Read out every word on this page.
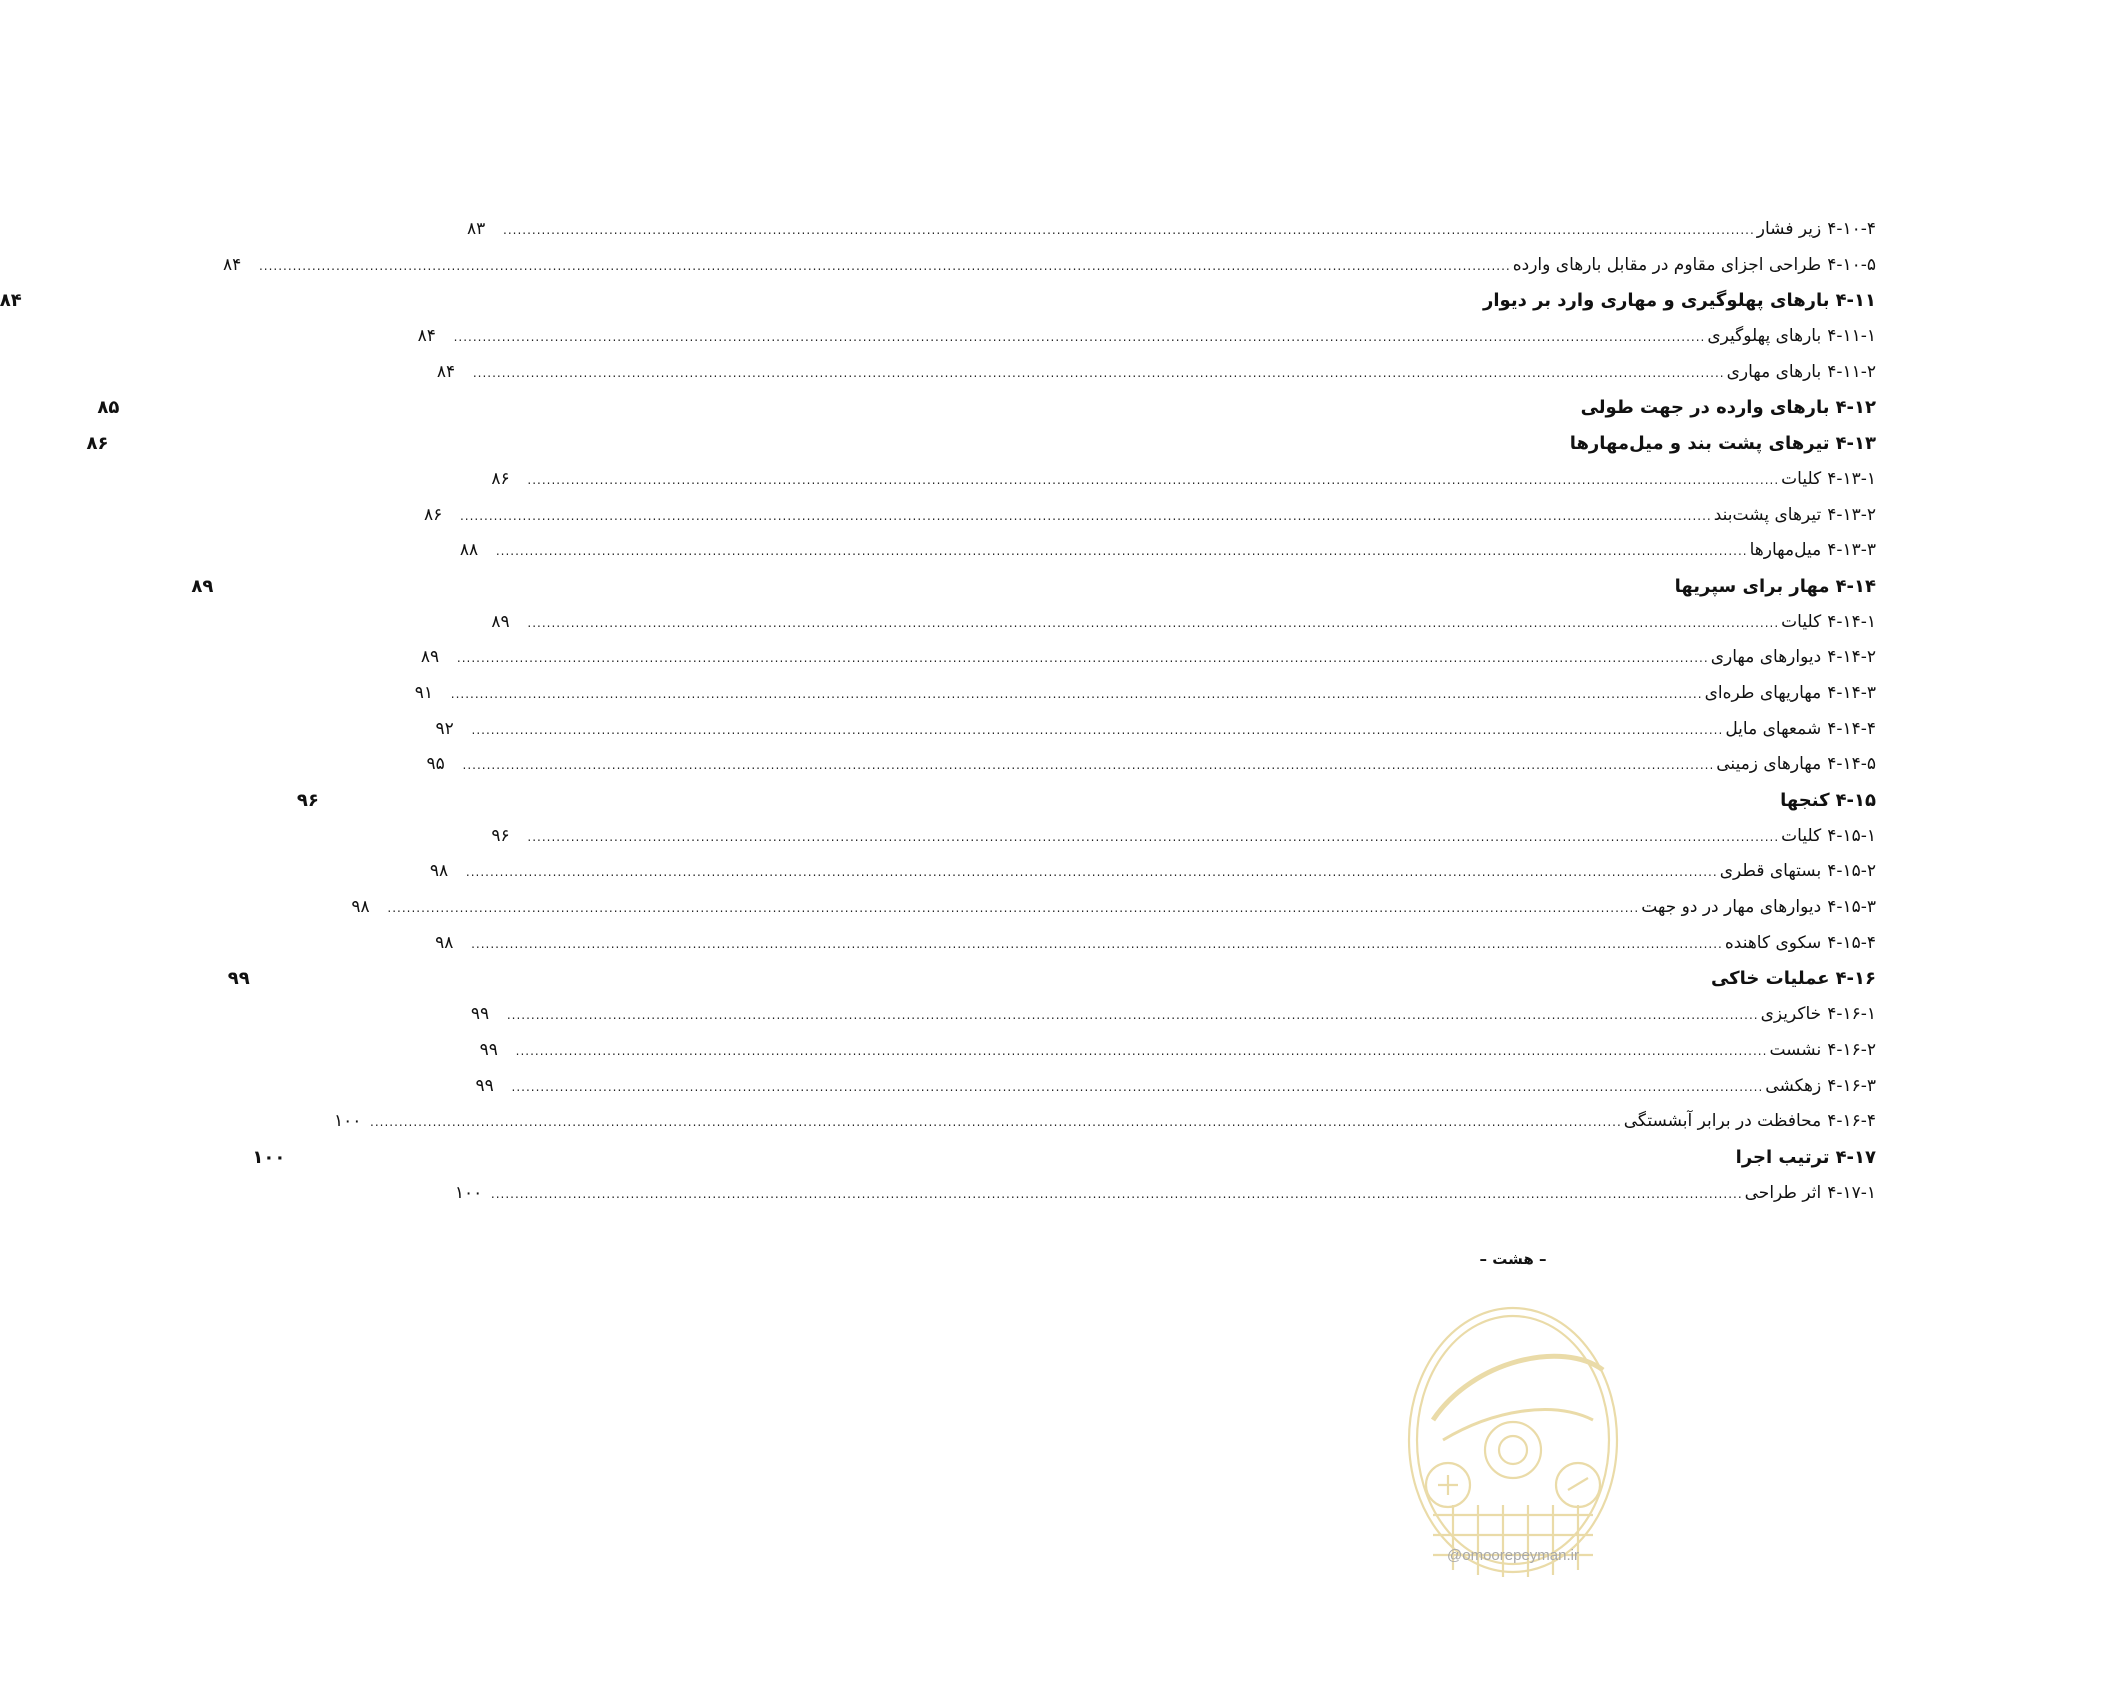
۴-۱۰-۴
زیر فشار
....................................................................................................................................................................................................................................................................
۸۳
۴-۱۰-۵
طراحی اجزای مقاوم در مقابل بارهای وارده
....................................................................................................................................................................................................................................................................
۸۴
۴-۱۱
بارهای پهلوگیری و مهاری وارد بر دیوار
۸۴
۴-۱۱-۱
بارهای پهلوگیری
....................................................................................................................................................................................................................................................................
۸۴
۴-۱۱-۲
بارهای مهاری
....................................................................................................................................................................................................................................................................
۸۴
۴-۱۲
بارهای وارده در جهت طولی
۸۵
۴-۱۳
تیرهای پشت بند و میل‌مهارها
۸۶
۴-۱۳-۱
کلیات
....................................................................................................................................................................................................................................................................
۸۶
۴-۱۳-۲
تیرهای پشت‌بند
....................................................................................................................................................................................................................................................................
۸۶
۴-۱۳-۳
میل‌مهارها
....................................................................................................................................................................................................................................................................
۸۸
۴-۱۴
مهار برای سپریها
۸۹
۴-۱۴-۱
کلیات
....................................................................................................................................................................................................................................................................
۸۹
۴-۱۴-۲
دیوارهای مهاری
....................................................................................................................................................................................................................................................................
۸۹
۴-۱۴-۳
مهاریهای طره‌ای
....................................................................................................................................................................................................................................................................
۹۱
۴-۱۴-۴
شمعهای مایل
....................................................................................................................................................................................................................................................................
۹۲
۴-۱۴-۵
مهارهای زمینی
....................................................................................................................................................................................................................................................................
۹۵
۴-۱۵
کنجها
۹۶
۴-۱۵-۱
کلیات
....................................................................................................................................................................................................................................................................
۹۶
۴-۱۵-۲
بستهای قطری
....................................................................................................................................................................................................................................................................
۹۸
۴-۱۵-۳
دیوارهای مهار در دو جهت
....................................................................................................................................................................................................................................................................
۹۸
۴-۱۵-۴
سکوی کاهنده
....................................................................................................................................................................................................................................................................
۹۸
۴-۱۶
عملیات خاکی
۹۹
۴-۱۶-۱
خاکریزی
....................................................................................................................................................................................................................................................................
۹۹
۴-۱۶-۲
نشست
....................................................................................................................................................................................................................................................................
۹۹
۴-۱۶-۳
زهکشی
....................................................................................................................................................................................................................................................................
۹۹
۴-۱۶-۴
محافظت در برابر آبشستگی
....................................................................................................................................................................................................................................................................
۱۰۰
۴-۱۷
ترتیب اجرا
۱۰۰
۴-۱۷-۱
اثر طراحی
....................................................................................................................................................................................................................................................................
۱۰۰
– هشت –
@omoorepeyman.ir
